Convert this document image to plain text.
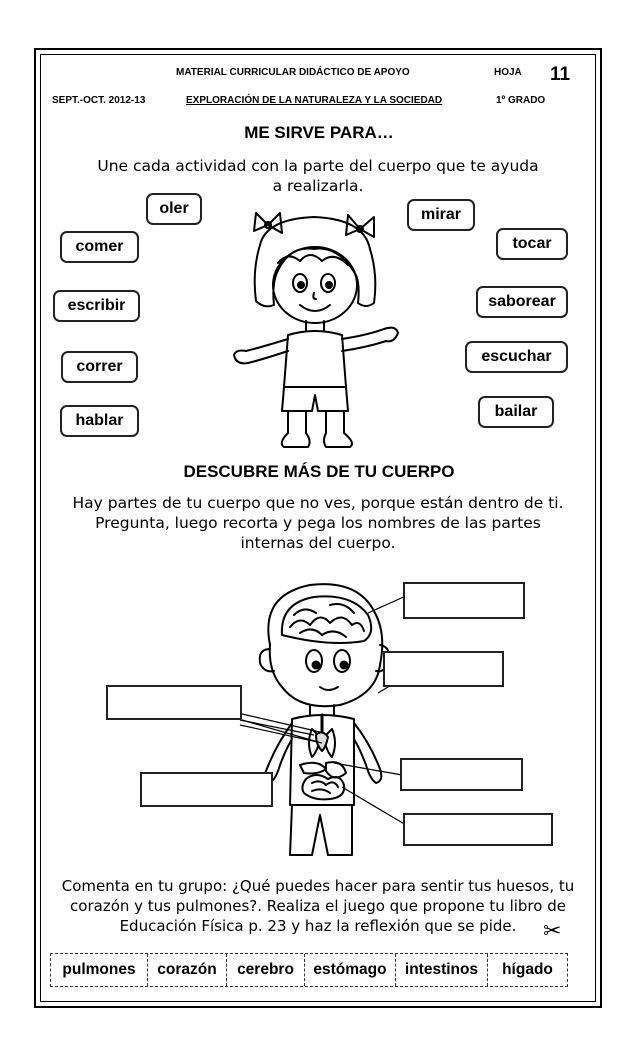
MATERIAL CURRICULAR DIDÁCTICO DE APOYO	HOJA 11
SEPT.-OCT. 2012-13	EXPLORACIÓN DE LA NATURALEZA Y LA SOCIEDAD	1º GRADO
ME SIRVE PARA…
Une cada actividad con la parte del cuerpo que te ayuda
a realizarla.
oler	mirar
comer	tocar
escribir	saborear
correr
escuchar
hablar
bailar
DESCUBRE MÁS DE TU CUERPO
Hay partes de tu cuerpo que no ves, porque están dentro de ti.
Pregunta, luego recorta y pega los nombres de las partes
internas del cuerpo.
Comenta en tu grupo: ¿Qué puedes hacer para sentir tus huesos, tu
corazón y tus pulmones?. Realiza el juego que propone tu libro de
Educación Física p. 23 y haz la reflexión que se pide.	✂
pulmones	corazón	cerebro	estómago	intestinos	hígado
